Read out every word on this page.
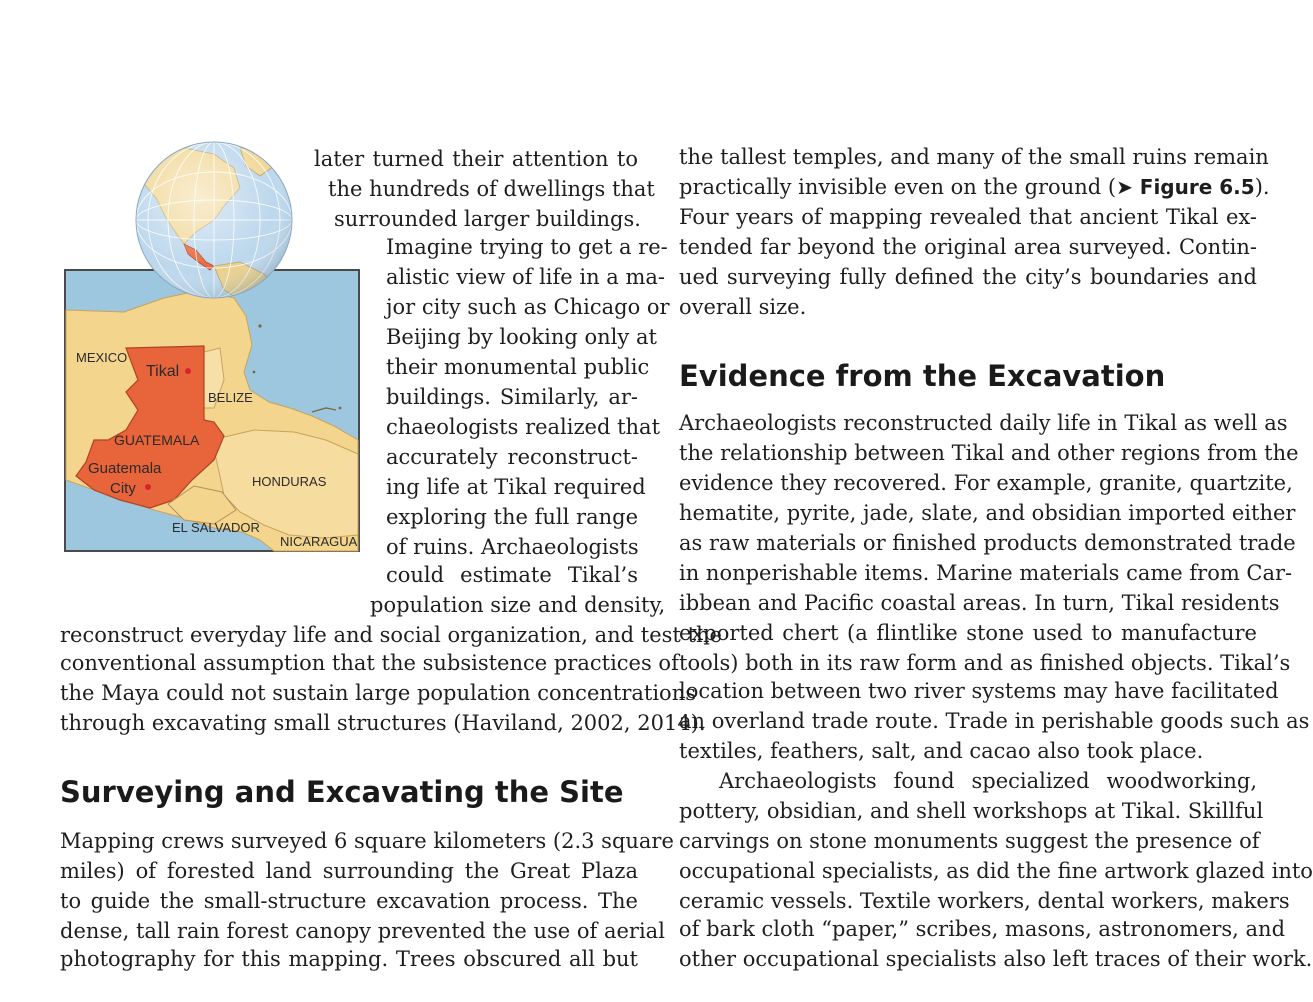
MEXICO
Tikal
BELIZE
GUATEMALA
Guatemala
City	HONDURAS
EL SALVADOR
NICARAGUA
later turned their attention to
the hundreds of dwellings that
surrounded larger buildings.
Imagine trying to get a re-
alistic view of life in a ma-
jor city such as Chicago or
Beijing by looking only at
their monumental public
buildings. Similarly, ar-
chaeologists realized that
accurately reconstruct-
ing life at Tikal required
exploring the full range
of ruins. Archaeologists
could estimate Tikal’s
population size and density,
reconstruct everyday life and social organization, and test the
conventional assumption that the subsistence practices of
the Maya could not sustain large population concentrations
through excavating small structures (Haviland, 2002, 2014).
Surveying and Excavating the Site
Mapping crews surveyed 6 square kilometers (2.3 square
miles) of forested land surrounding the Great Plaza
to guide the small-structure excavation process. The
dense, tall rain forest canopy prevented the use of aerial
photography for this mapping. Trees obscured all but
the tallest temples, and many of the small ruins remain
practically invisible even on the ground (➤ Figure 6.5).
Four years of mapping revealed that ancient Tikal ex-
tended far beyond the original area surveyed. Contin-
ued surveying fully defined the city’s boundaries and
overall size.
Evidence from the Excavation
Archaeologists reconstructed daily life in Tikal as well as
the relationship between Tikal and other regions from the
evidence they recovered. For example, granite, quartzite,
hematite, pyrite, jade, slate, and obsidian imported either
as raw materials or finished products demonstrated trade
in nonperishable items. Marine materials came from Car-
ibbean and Pacific coastal areas. In turn, Tikal residents
exported chert (a flintlike stone used to manufacture
tools) both in its raw form and as finished objects. Tikal’s
location between two river systems may have facilitated
an overland trade route. Trade in perishable goods such as
textiles, feathers, salt, and cacao also took place.
Archaeologists found specialized woodworking,
pottery, obsidian, and shell workshops at Tikal. Skillful
carvings on stone monuments suggest the presence of
occupational specialists, as did the fine artwork glazed into
ceramic vessels. Textile workers, dental workers, makers
of bark cloth “paper,” scribes, masons, astronomers, and
other occupational specialists also left traces of their work.
